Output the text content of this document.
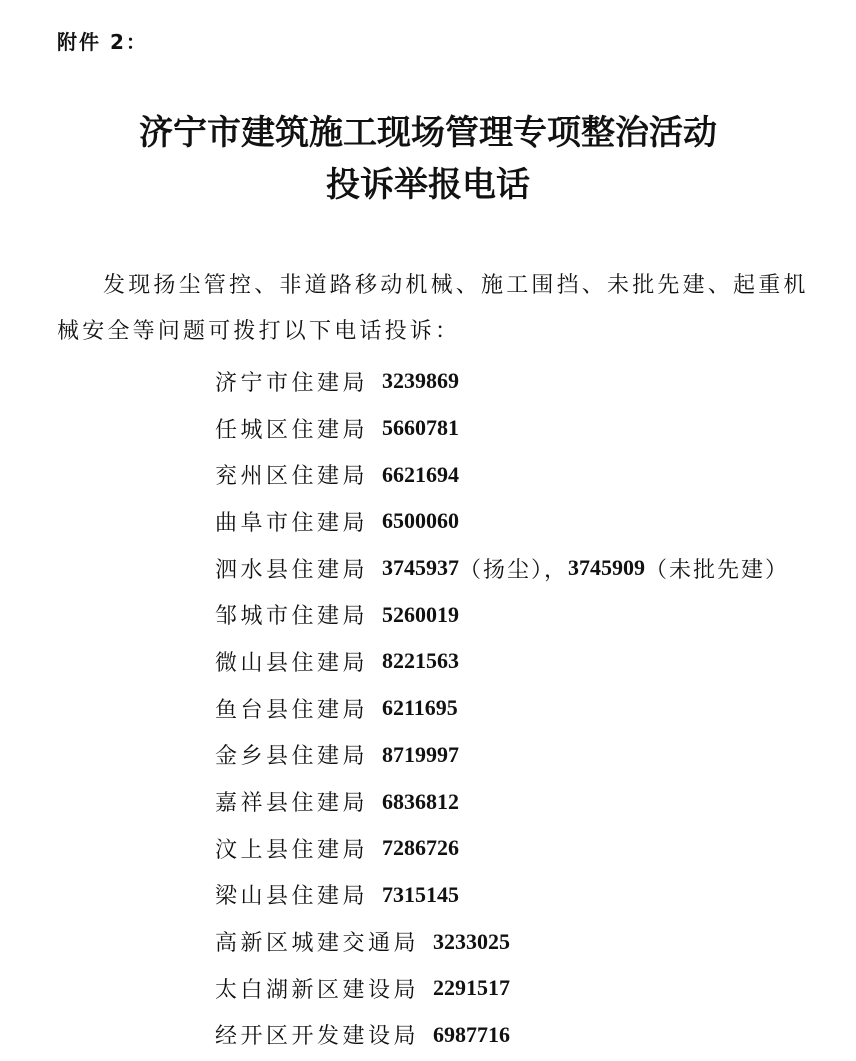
附件 2：
济宁市建筑施工现场管理专项整治活动
投诉举报电话
发现扬尘管控、非道路移动机械、施工围挡、未批先建、起重机械安全等问题可拨打以下电话投诉：
济宁市住建局 3239869
任城区住建局 5660781
兖州区住建局 6621694
曲阜市住建局 6500060
泗水县住建局 3745937 （扬尘）， 3745909 （未批先建）
邹城市住建局 5260019
微山县住建局 8221563
鱼台县住建局 6211695
金乡县住建局 8719997
嘉祥县住建局 6836812
汶上县住建局 7286726
梁山县住建局 7315145
高新区城建交通局 3233025
太白湖新区建设局 2291517
经开区开发建设局 6987716
